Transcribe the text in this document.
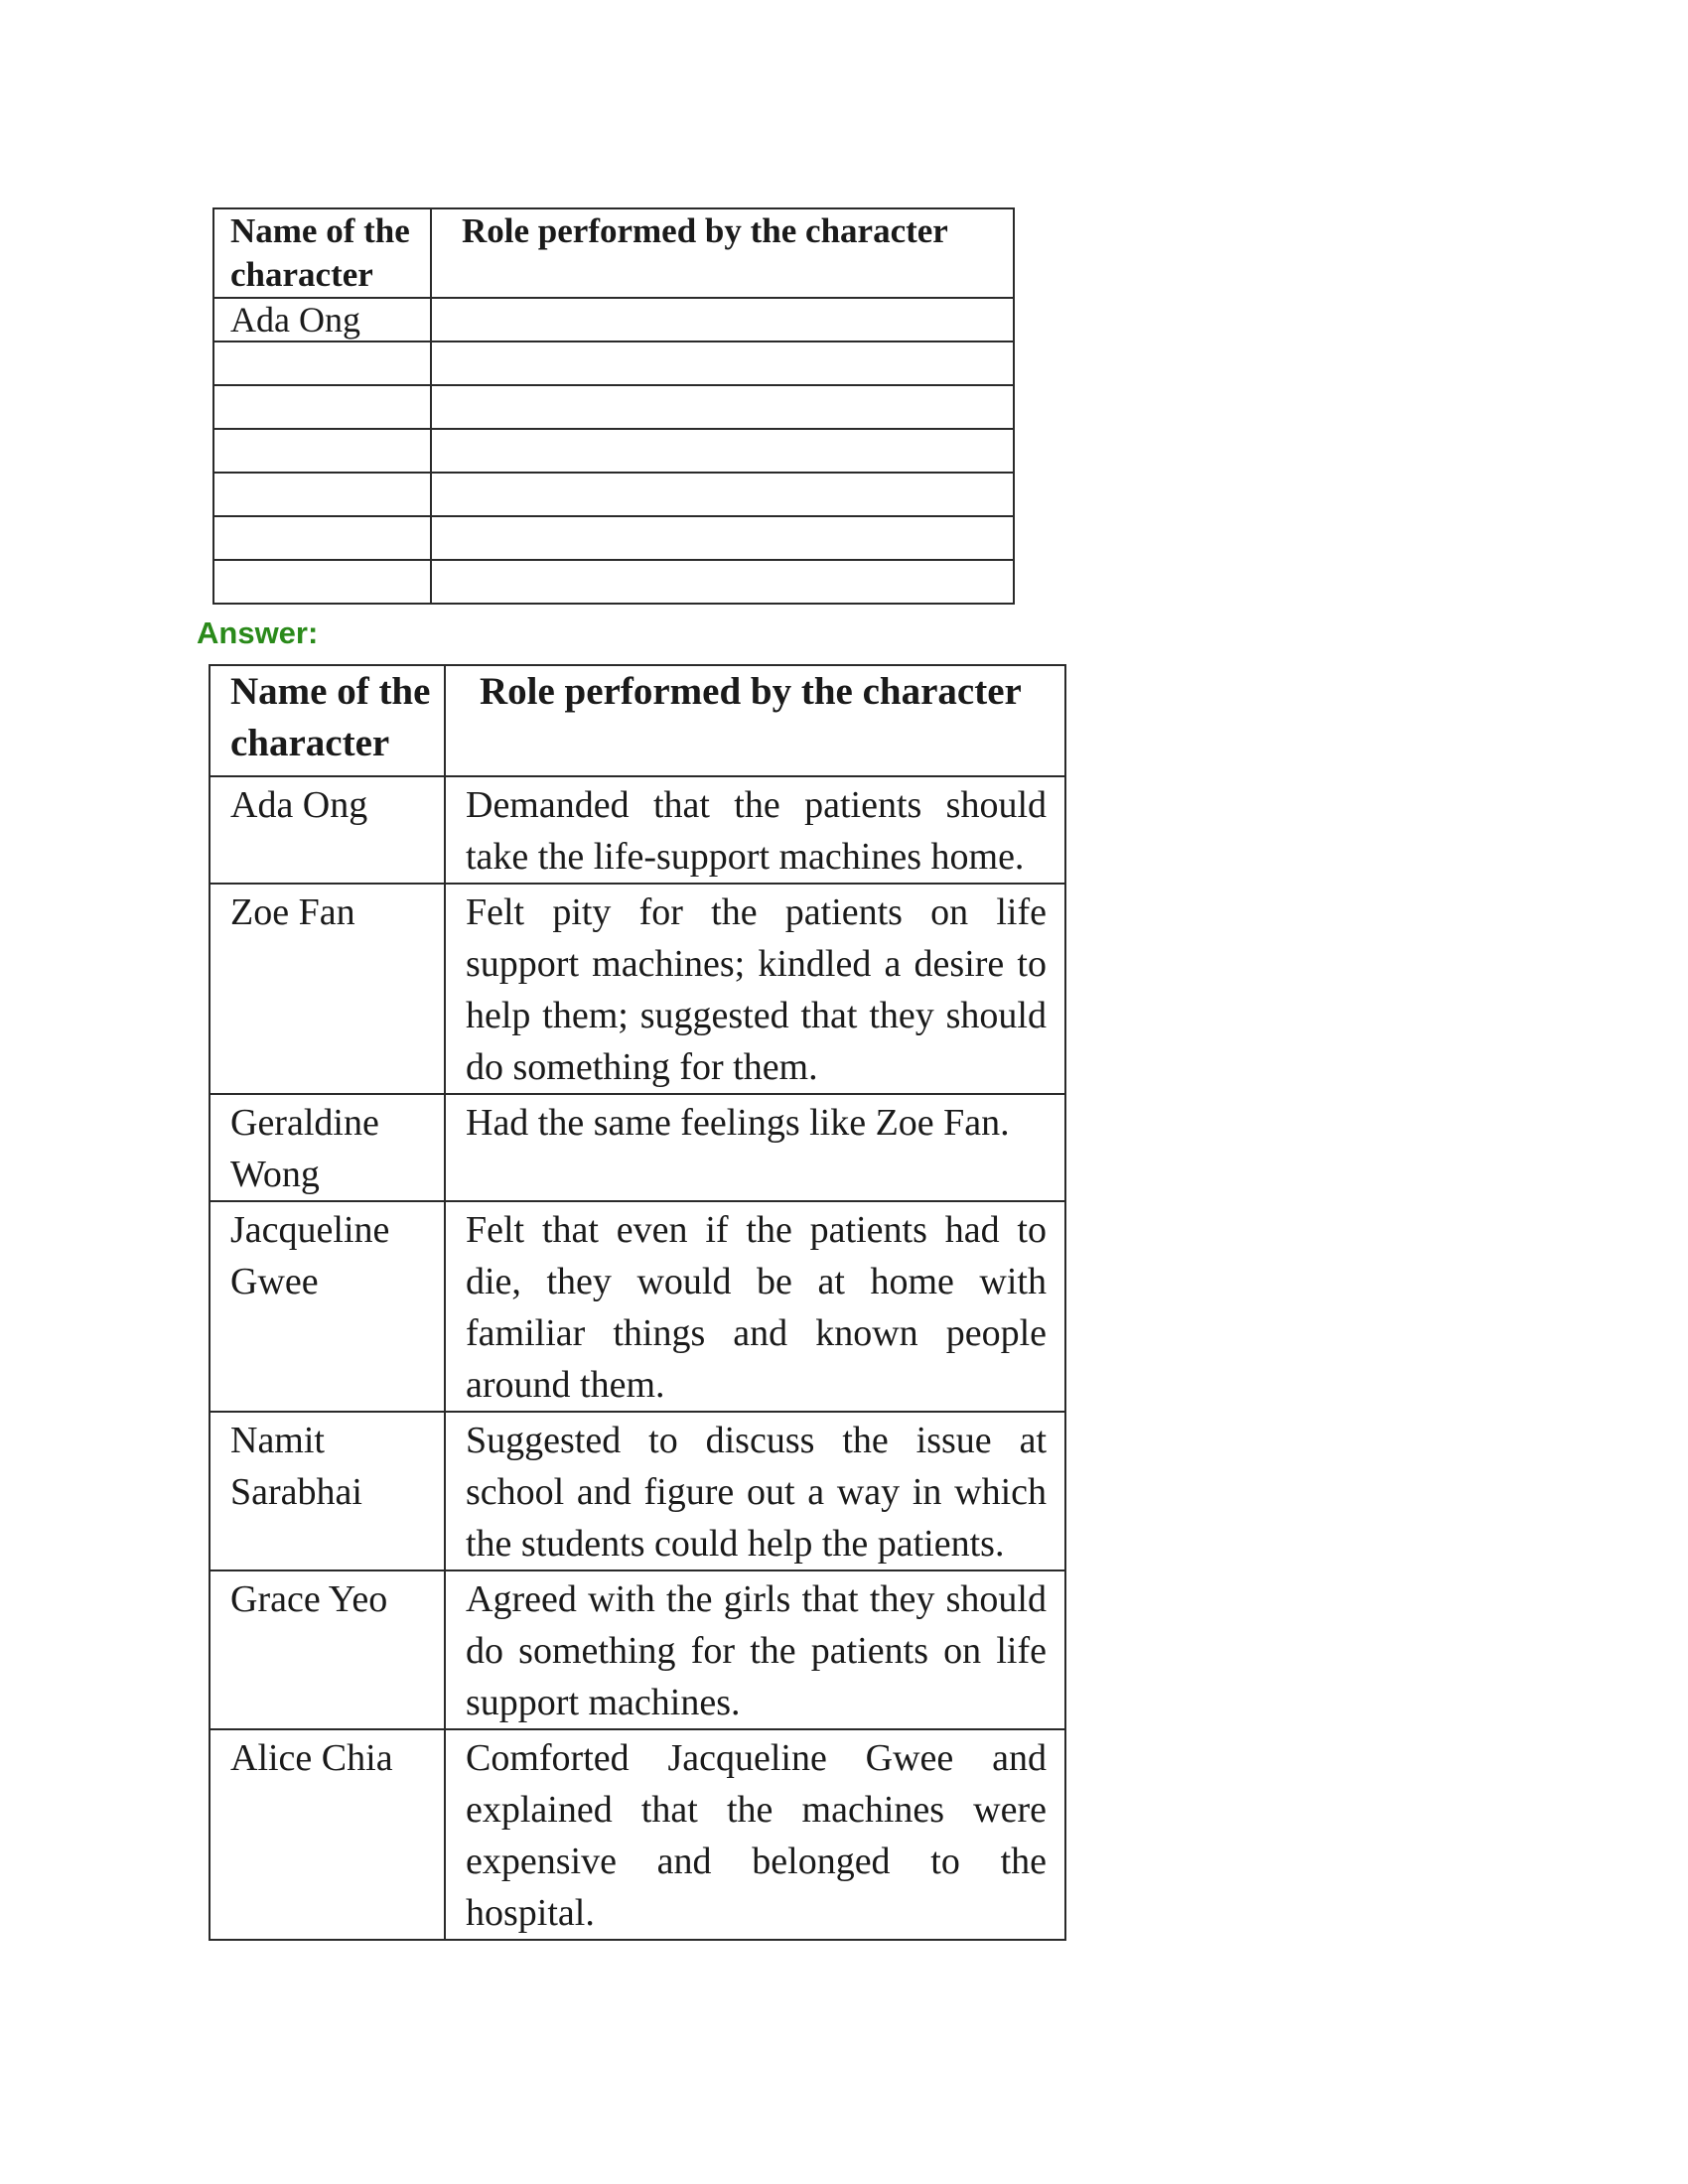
Name of the character	Role performed by the character
Ada Ong	

Answer:
Name of the character	Role performed by the character
Ada Ong	Demanded that the patients should take the life-support machines home.
Zoe Fan	Felt pity for the patients on life support machines; kindled a desire to help them; suggested that they should do something for them.
Geraldine Wong	Had the same feelings like Zoe Fan.
Jacqueline Gwee	Felt that even if the patients had to die, they would be at home with familiar things and known people around them.
Namit Sarabhai	Suggested to discuss the issue at school and figure out a way in which the students could help the patients.
Grace Yeo	Agreed with the girls that they should do something for the patients on life support machines.
Alice Chia	Comforted Jacqueline Gwee and explained that the machines were expensive and belonged to the hospital.
